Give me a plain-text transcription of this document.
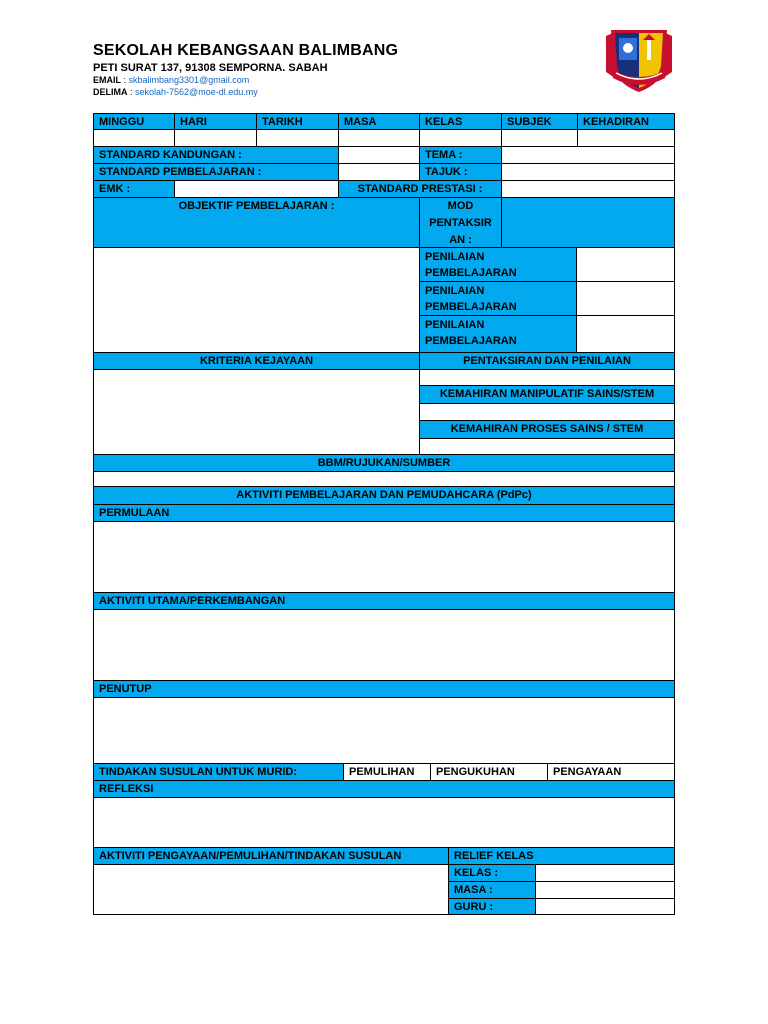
SEKOLAH KEBANGSAAN BALIMBANG
PETI SURAT 137, 91308 SEMPORNA. SABAH
EMAIL : skbalimbang3301@gmail.com
DELIMA : sekolah-7562@moe-dl.edu.my
MINGGU	HARI	TARIKH	MASA	KELAS	SUBJEK	KEHADIRAN
STANDARD KANDUNGAN :	TEMA :
STANDARD PEMBELAJARAN :	TAJUK :
EMK :	STANDARD PRESTASI :
OBJEKTIF PEMBELAJARAN :	MOD PENTAKSIR AN :
PENILAIAN PEMBELAJARAN
PENILAIAN PEMBELAJARAN
PENILAIAN PEMBELAJARAN
KRITERIA KEJAYAAN	PENTAKSIRAN DAN PENILAIAN
KEMAHIRAN MANIPULATIF SAINS/STEM
KEMAHIRAN PROSES SAINS / STEM
BBM/RUJUKAN/SUMBER
AKTIVITI PEMBELAJARAN DAN PEMUDAHCARA (PdPc)
PERMULAAN
AKTIVITI UTAMA/PERKEMBANGAN
PENUTUP
TINDAKAN SUSULAN UNTUK MURID:	PEMULIHAN	PENGUKUHAN	PENGAYAAN
REFLEKSI
AKTIVITI PENGAYAAN/PEMULIHAN/TINDAKAN SUSULAN	RELIEF KELAS
KELAS :
MASA :
GURU :
